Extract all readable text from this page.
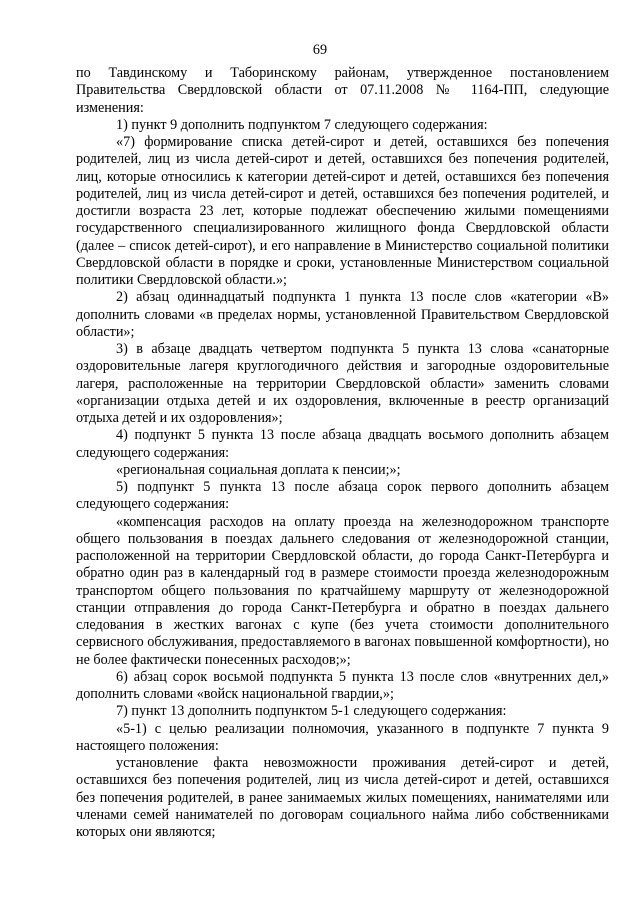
69

по Тавдинскому и Таборинскому районам, утвержденное постановлением Правительства Свердловской области от 07.11.2008 № 1164-ПП, следующие изменения:

1) пункт 9 дополнить подпунктом 7 следующего содержания:

«7) формирование списка детей-сирот и детей, оставшихся без попечения родителей, лиц из числа детей-сирот и детей, оставшихся без попечения родителей, лиц, которые относились к категории детей-сирот и детей, оставшихся без попечения родителей, лиц из числа детей-сирот и детей, оставшихся без попечения родителей, и достигли возраста 23 лет, которые подлежат обеспечению жилыми помещениями государственного специализированного жилищного фонда Свердловской области (далее – список детей-сирот), и его направление в Министерство социальной политики Свердловской области в порядке и сроки, установленные Министерством социальной политики Свердловской области.»;

2) абзац одиннадцатый подпункта 1 пункта 13 после слов «категории «В» дополнить словами «в пределах нормы, установленной Правительством Свердловской области»;

3) в абзаце двадцать четвертом подпункта 5 пункта 13 слова «санаторные оздоровительные лагеря круглогодичного действия и загородные оздоровительные лагеря, расположенные на территории Свердловской области» заменить словами «организации отдыха детей и их оздоровления, включенные в реестр организаций отдыха детей и их оздоровления»;

4) подпункт 5 пункта 13 после абзаца двадцать восьмого дополнить абзацем следующего содержания:

«региональная социальная доплата к пенсии;»;

5) подпункт 5 пункта 13 после абзаца сорок первого дополнить абзацем следующего содержания:

«компенсация расходов на оплату проезда на железнодорожном транспорте общего пользования в поездах дальнего следования от железнодорожной станции, расположенной на территории Свердловской области, до города Санкт-Петербурга и обратно один раз в календарный год в размере стоимости проезда железнодорожным транспортом общего пользования по кратчайшему маршруту от железнодорожной станции отправления до города Санкт-Петербурга и обратно в поездах дальнего следования в жестких вагонах с купе (без учета стоимости дополнительного сервисного обслуживания, предоставляемого в вагонах повышенной комфортности), но не более фактически понесенных расходов;»;

6) абзац сорок восьмой подпункта 5 пункта 13 после слов «внутренних дел,» дополнить словами «войск национальной гвардии,»;

7) пункт 13 дополнить подпунктом 5-1 следующего содержания:

«5-1) с целью реализации полномочия, указанного в подпункте 7 пункта 9 настоящего положения:

установление факта невозможности проживания детей-сирот и детей, оставшихся без попечения родителей, лиц из числа детей-сирот и детей, оставшихся без попечения родителей, в ранее занимаемых жилых помещениях, нанимателями или членами семей нанимателей по договорам социального найма либо собственниками которых они являются;
